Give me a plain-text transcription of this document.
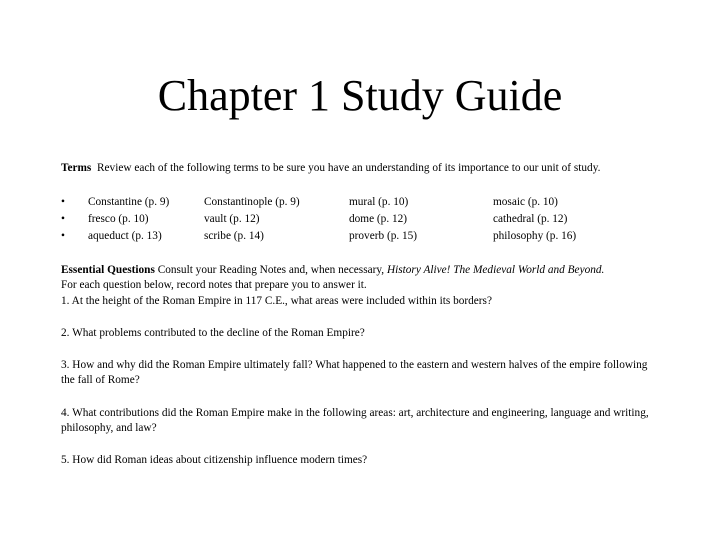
Chapter 1 Study Guide
Terms Review each of the following terms to be sure you have an understanding of its importance to our unit of study.
• Constantine (p. 9)	Constantinople (p. 9)	mural (p. 10)	mosaic (p. 10)
• fresco (p. 10)	vault (p. 12)	dome (p. 12)	cathedral (p. 12)
• aqueduct (p. 13)	scribe (p. 14)	proverb (p. 15)	philosophy (p. 16)

Essential Questions Consult your Reading Notes and, when necessary, History Alive! The Medieval World and Beyond.

For each question below, record notes that prepare you to answer it.

1. At the height of the Roman Empire in 117 C.E., what areas were included within its borders?

2. What problems contributed to the decline of the Roman Empire?

3. How and why did the Roman Empire ultimately fall? What happened to the eastern and western halves of the empire following the fall of Rome?

4. What contributions did the Roman Empire make in the following areas: art, architecture and engineering, language and writing, philosophy, and law?

5. How did Roman ideas about citizenship influence modern times?
